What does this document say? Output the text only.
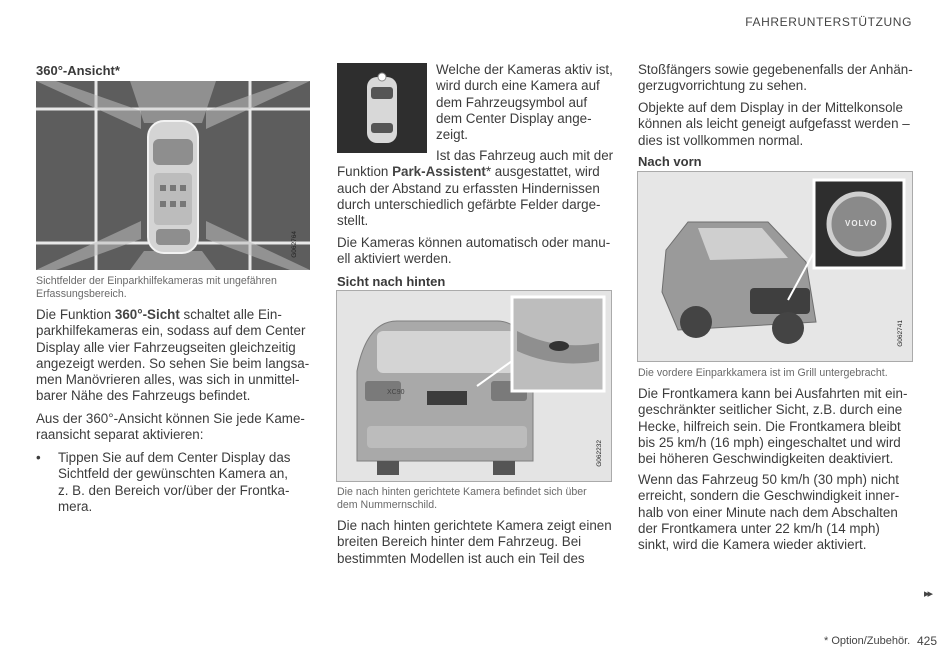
FAHRERUNTERSTÜTZUNG
360°-Ansicht*
G062764
Sichtfelder der Einparkhilfekameras mit ungefähren
Erfassungsbereich.
Die Funktion 360°-Sicht schaltet alle Ein-
parkhilfekameras ein, sodass auf dem Center
Display alle vier Fahrzeugseiten gleichzeitig
angezeigt werden. So sehen Sie beim langsa-
men Manövrieren alles, was sich in unmittel-
barer Nähe des Fahrzeugs befindet.
Aus der 360°-Ansicht können Sie jede Kame-
raansicht separat aktivieren:
• Tippen Sie auf dem Center Display das
Sichtfeld der gewünschten Kamera an,
z. B. den Bereich vor/über der Frontka-
mera.
Welche der Kameras aktiv ist,
wird durch eine Kamera auf
dem Fahrzeugsymbol auf
dem Center Display ange-
zeigt.
Ist das Fahrzeug auch mit der
Funktion Park-Assistent* ausgestattet, wird
auch der Abstand zu erfassten Hindernissen
durch unterschiedlich gefärbte Felder darge-
stellt.
Die Kameras können automatisch oder manu-
ell aktiviert werden.
Sicht nach hinten
XC90
G062232
Die nach hinten gerichtete Kamera befindet sich über
dem Nummernschild.
Die nach hinten gerichtete Kamera zeigt einen
breiten Bereich hinter dem Fahrzeug. Bei
bestimmten Modellen ist auch ein Teil des
Stoßfängers sowie gegebenenfalls der Anhän-
gerzugvorrichtung zu sehen.
Objekte auf dem Display in der Mittelkonsole
können als leicht geneigt aufgefasst werden –
dies ist vollkommen normal.
Nach vorn
VOLVO
G062741
Die vordere Einparkkamera ist im Grill untergebracht.
Die Frontkamera kann bei Ausfahrten mit ein-
geschränkter seitlicher Sicht, z.B. durch eine
Hecke, hilfreich sein. Die Frontkamera bleibt
bis 25 km/h (16 mph) eingeschaltet und wird
bei höheren Geschwindigkeiten deaktiviert.
Wenn das Fahrzeug 50 km/h (30 mph) nicht
erreicht, sondern die Geschwindigkeit inner-
halb von einer Minute nach dem Abschalten
der Frontkamera unter 22 km/h (14 mph)
sinkt, wird die Kamera wieder aktiviert.
▸▸
* Option/Zubehör. 425
